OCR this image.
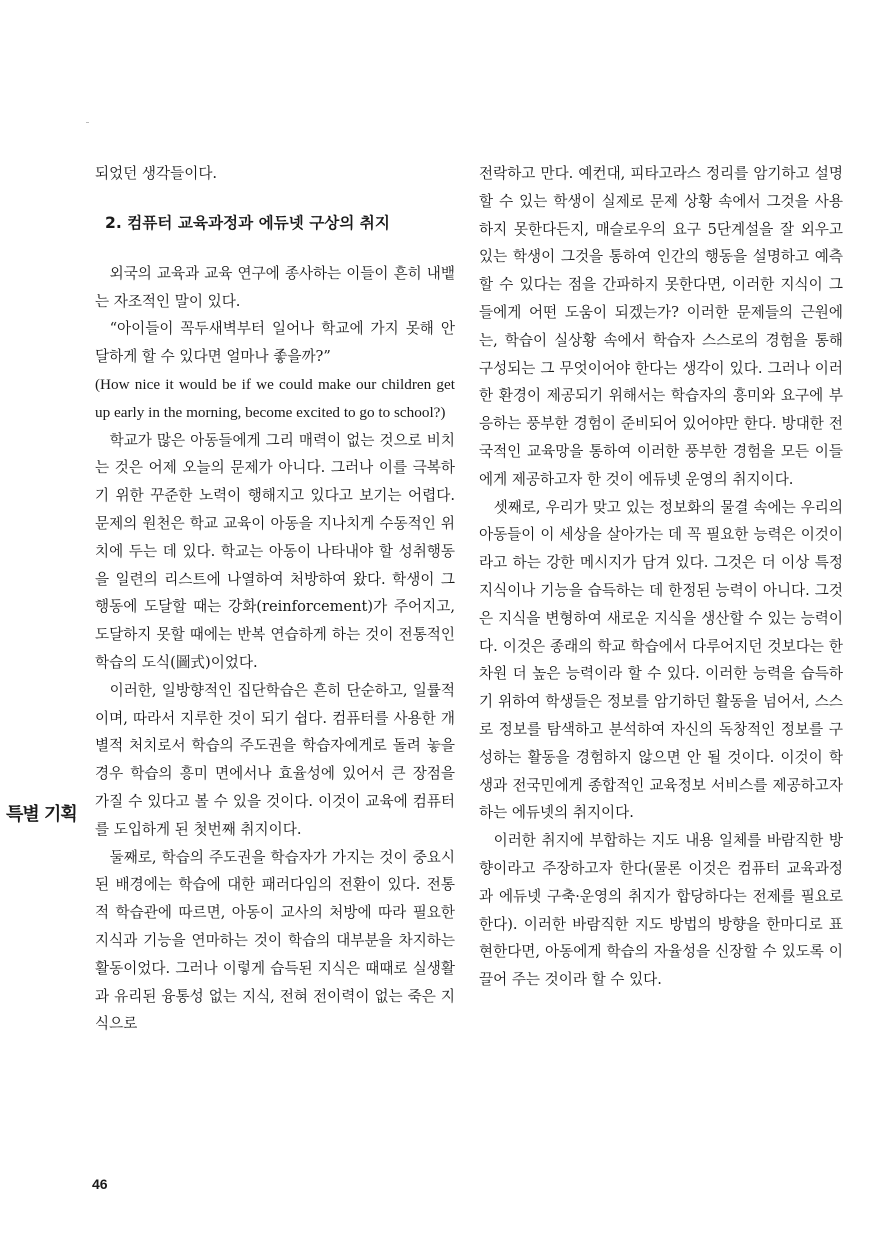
되었던 생각들이다.

2. 컴퓨터 교육과정과 에듀넷 구상의 취지

외국의 교육과 교육 연구에 종사하는 이들이 흔히 내뱉는 자조적인 말이 있다.

“아이들이 꼭두새벽부터 일어나 학교에 가지 못해 안달하게 할 수 있다면 얼마나 좋을까?”

(How nice it would be if we could make our children get up early in the morning, become excited to go to school?)

학교가 많은 아동들에게 그리 매력이 없는 것으로 비치는 것은 어제 오늘의 문제가 아니다. 그러나 이를 극복하기 위한 꾸준한 노력이 행해지고 있다고 보기는 어렵다. 문제의 원천은 학교 교육이 아동을 지나치게 수동적인 위치에 두는 데 있다. 학교는 아동이 나타내야 할 성취행동을 일련의 리스트에 나열하여 처방하여 왔다. 학생이 그 행동에 도달할 때는 강화(reinforcement)가 주어지고, 도달하지 못할 때에는 반복 연습하게 하는 것이 전통적인 학습의 도식(圖式)이었다.

이러한, 일방향적인 집단학습은 흔히 단순하고, 일률적이며, 따라서 지루한 것이 되기 쉽다. 컴퓨터를 사용한 개별적 처치로서 학습의 주도권을 학습자에게로 돌려 놓을 경우 학습의 흥미 면에서나 효율성에 있어서 큰 장점을 가질 수 있다고 볼 수 있을 것이다. 이것이 교육에 컴퓨터를 도입하게 된 첫번째 취지이다.

둘째로, 학습의 주도권을 학습자가 가지는 것이 중요시된 배경에는 학습에 대한 패러다임의 전환이 있다. 전통적 학습관에 따르면, 아동이 교사의 처방에 따라 필요한 지식과 기능을 연마하는 것이 학습의 대부분을 차지하는 활동이었다. 그러나 이렇게 습득된 지식은 때때로 실생활과 유리된 융통성 없는 지식, 전혀 전이력이 없는 죽은 지식으로

전락하고 만다. 예컨대, 피타고라스 정리를 암기하고 설명할 수 있는 학생이 실제로 문제 상황 속에서 그것을 사용하지 못한다든지, 매슬로우의 요구 5단계설을 잘 외우고 있는 학생이 그것을 통하여 인간의 행동을 설명하고 예측할 수 있다는 점을 간파하지 못한다면, 이러한 지식이 그들에게 어떤 도움이 되겠는가? 이러한 문제들의 근원에는, 학습이 실상황 속에서 학습자 스스로의 경험을 통해 구성되는 그 무엇이어야 한다는 생각이 있다. 그러나 이러한 환경이 제공되기 위해서는 학습자의 흥미와 요구에 부응하는 풍부한 경험이 준비되어 있어야만 한다. 방대한 전국적인 교육망을 통하여 이러한 풍부한 경험을 모든 이들에게 제공하고자 한 것이 에듀넷 운영의 취지이다.

셋째로, 우리가 맞고 있는 정보화의 물결 속에는 우리의 아동들이 이 세상을 살아가는 데 꼭 필요한 능력은 이것이라고 하는 강한 메시지가 담겨 있다. 그것은 더 이상 특정 지식이나 기능을 습득하는 데 한정된 능력이 아니다. 그것은 지식을 변형하여 새로운 지식을 생산할 수 있는 능력이다. 이것은 종래의 학교 학습에서 다루어지던 것보다는 한 차원 더 높은 능력이라 할 수 있다. 이러한 능력을 습득하기 위하여 학생들은 정보를 암기하던 활동을 넘어서, 스스로 정보를 탐색하고 분석하여 자신의 독창적인 정보를 구성하는 활동을 경험하지 않으면 안 될 것이다. 이것이 학생과 전국민에게 종합적인 교육정보 서비스를 제공하고자 하는 에듀넷의 취지이다.

이러한 취지에 부합하는 지도 내용 일체를 바람직한 방향이라고 주장하고자 한다(물론 이것은 컴퓨터 교육과정과 에듀넷 구축·운영의 취지가 합당하다는 전제를 필요로 한다). 이러한 바람직한 지도 방법의 방향을 한마디로 표현한다면, 아동에게 학습의 자율성을 신장할 수 있도록 이끌어 주는 것이라 할 수 있다.

특별 기획
46
